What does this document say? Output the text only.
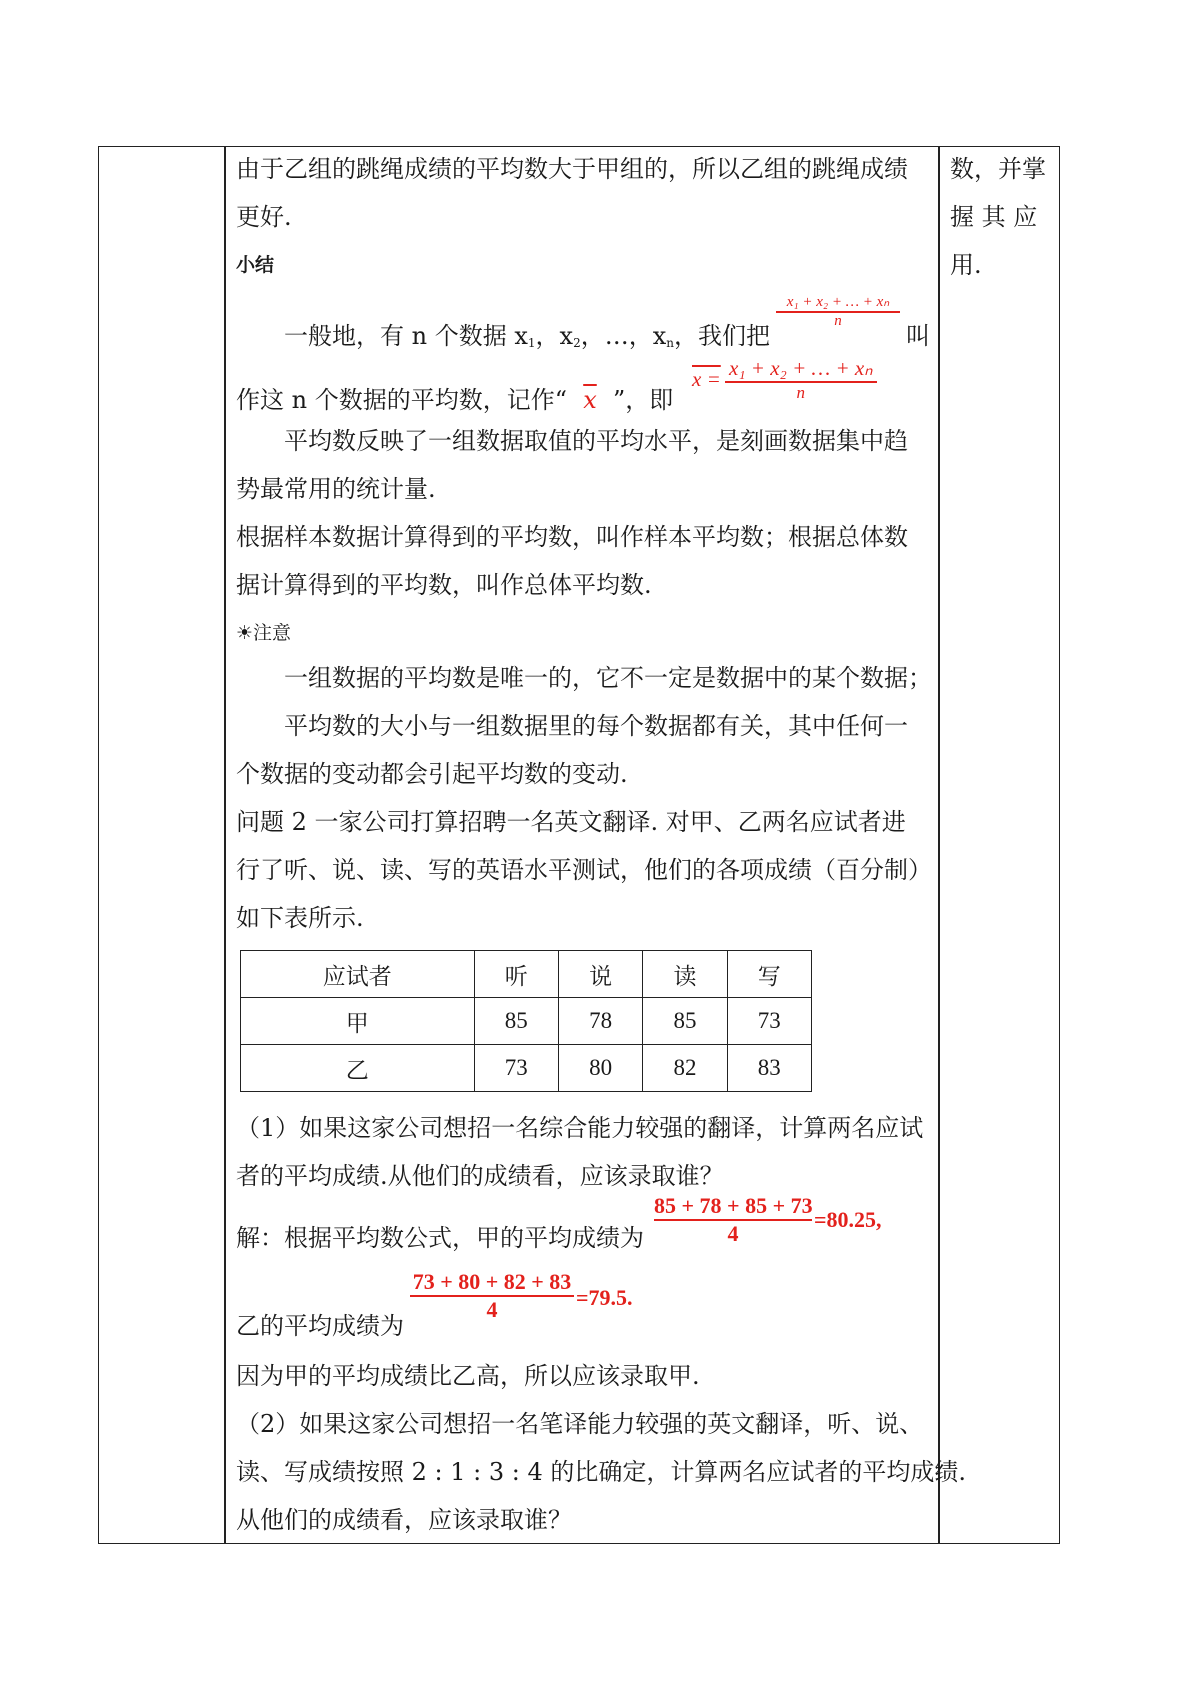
数，并掌
握 其 应
用.
由于乙组的跳绳成绩的平均数大于甲组的，所以乙组的跳绳成绩
更好.
小结
一般地，有 n 个数据 $x_1$，$x_2$，…，$x_n$，我们把
x₁ + x₂ + … + xₙ
n
叫
作这 n 个数据的平均数，记作“ $\overline{x}$ ”，即
$x = \frac{\text{x₁ + x₂ + … + xₙ}}{n}$
平均数反映了一组数据取值的平均水平，是刻画数据集中趋
势最常用的统计量.
根据样本数据计算得到的平均数，叫作样本平均数；根据总体数
据计算得到的平均数，叫作总体平均数.
☀注意
一组数据的平均数是唯一的，它不一定是数据中的某个数据；
平均数的大小与一组数据里的每个数据都有关，其中任何一
个数据的变动都会引起平均数的变动.
问题 2 一家公司打算招聘一名英文翻译. 对甲、乙两名应试者进
行了听、说、读、写的英语水平测试，他们的各项成绩（百分制）
如下表所示.
应试者	听	说	读	写
甲	85	78	85	73
乙	73	80	82	83
（1）如果这家公司想招一名综合能力较强的翻译，计算两名应试
者的平均成绩.从他们的成绩看，应该录取谁？
85 + 78 + 85 + 73
4
=80.25,
解：根据平均数公式，甲的平均成绩为
73 + 80 + 82 + 83
4	=79.5.
乙的平均成绩为
因为甲的平均成绩比乙高，所以应该录取甲.
（2）如果这家公司想招一名笔译能力较强的英文翻译，听、说、
读、写成绩按照 2 : 1 : 3 : 4 的比确定，计算两名应试者的平均成绩.
从他们的成绩看，应该录取谁？
